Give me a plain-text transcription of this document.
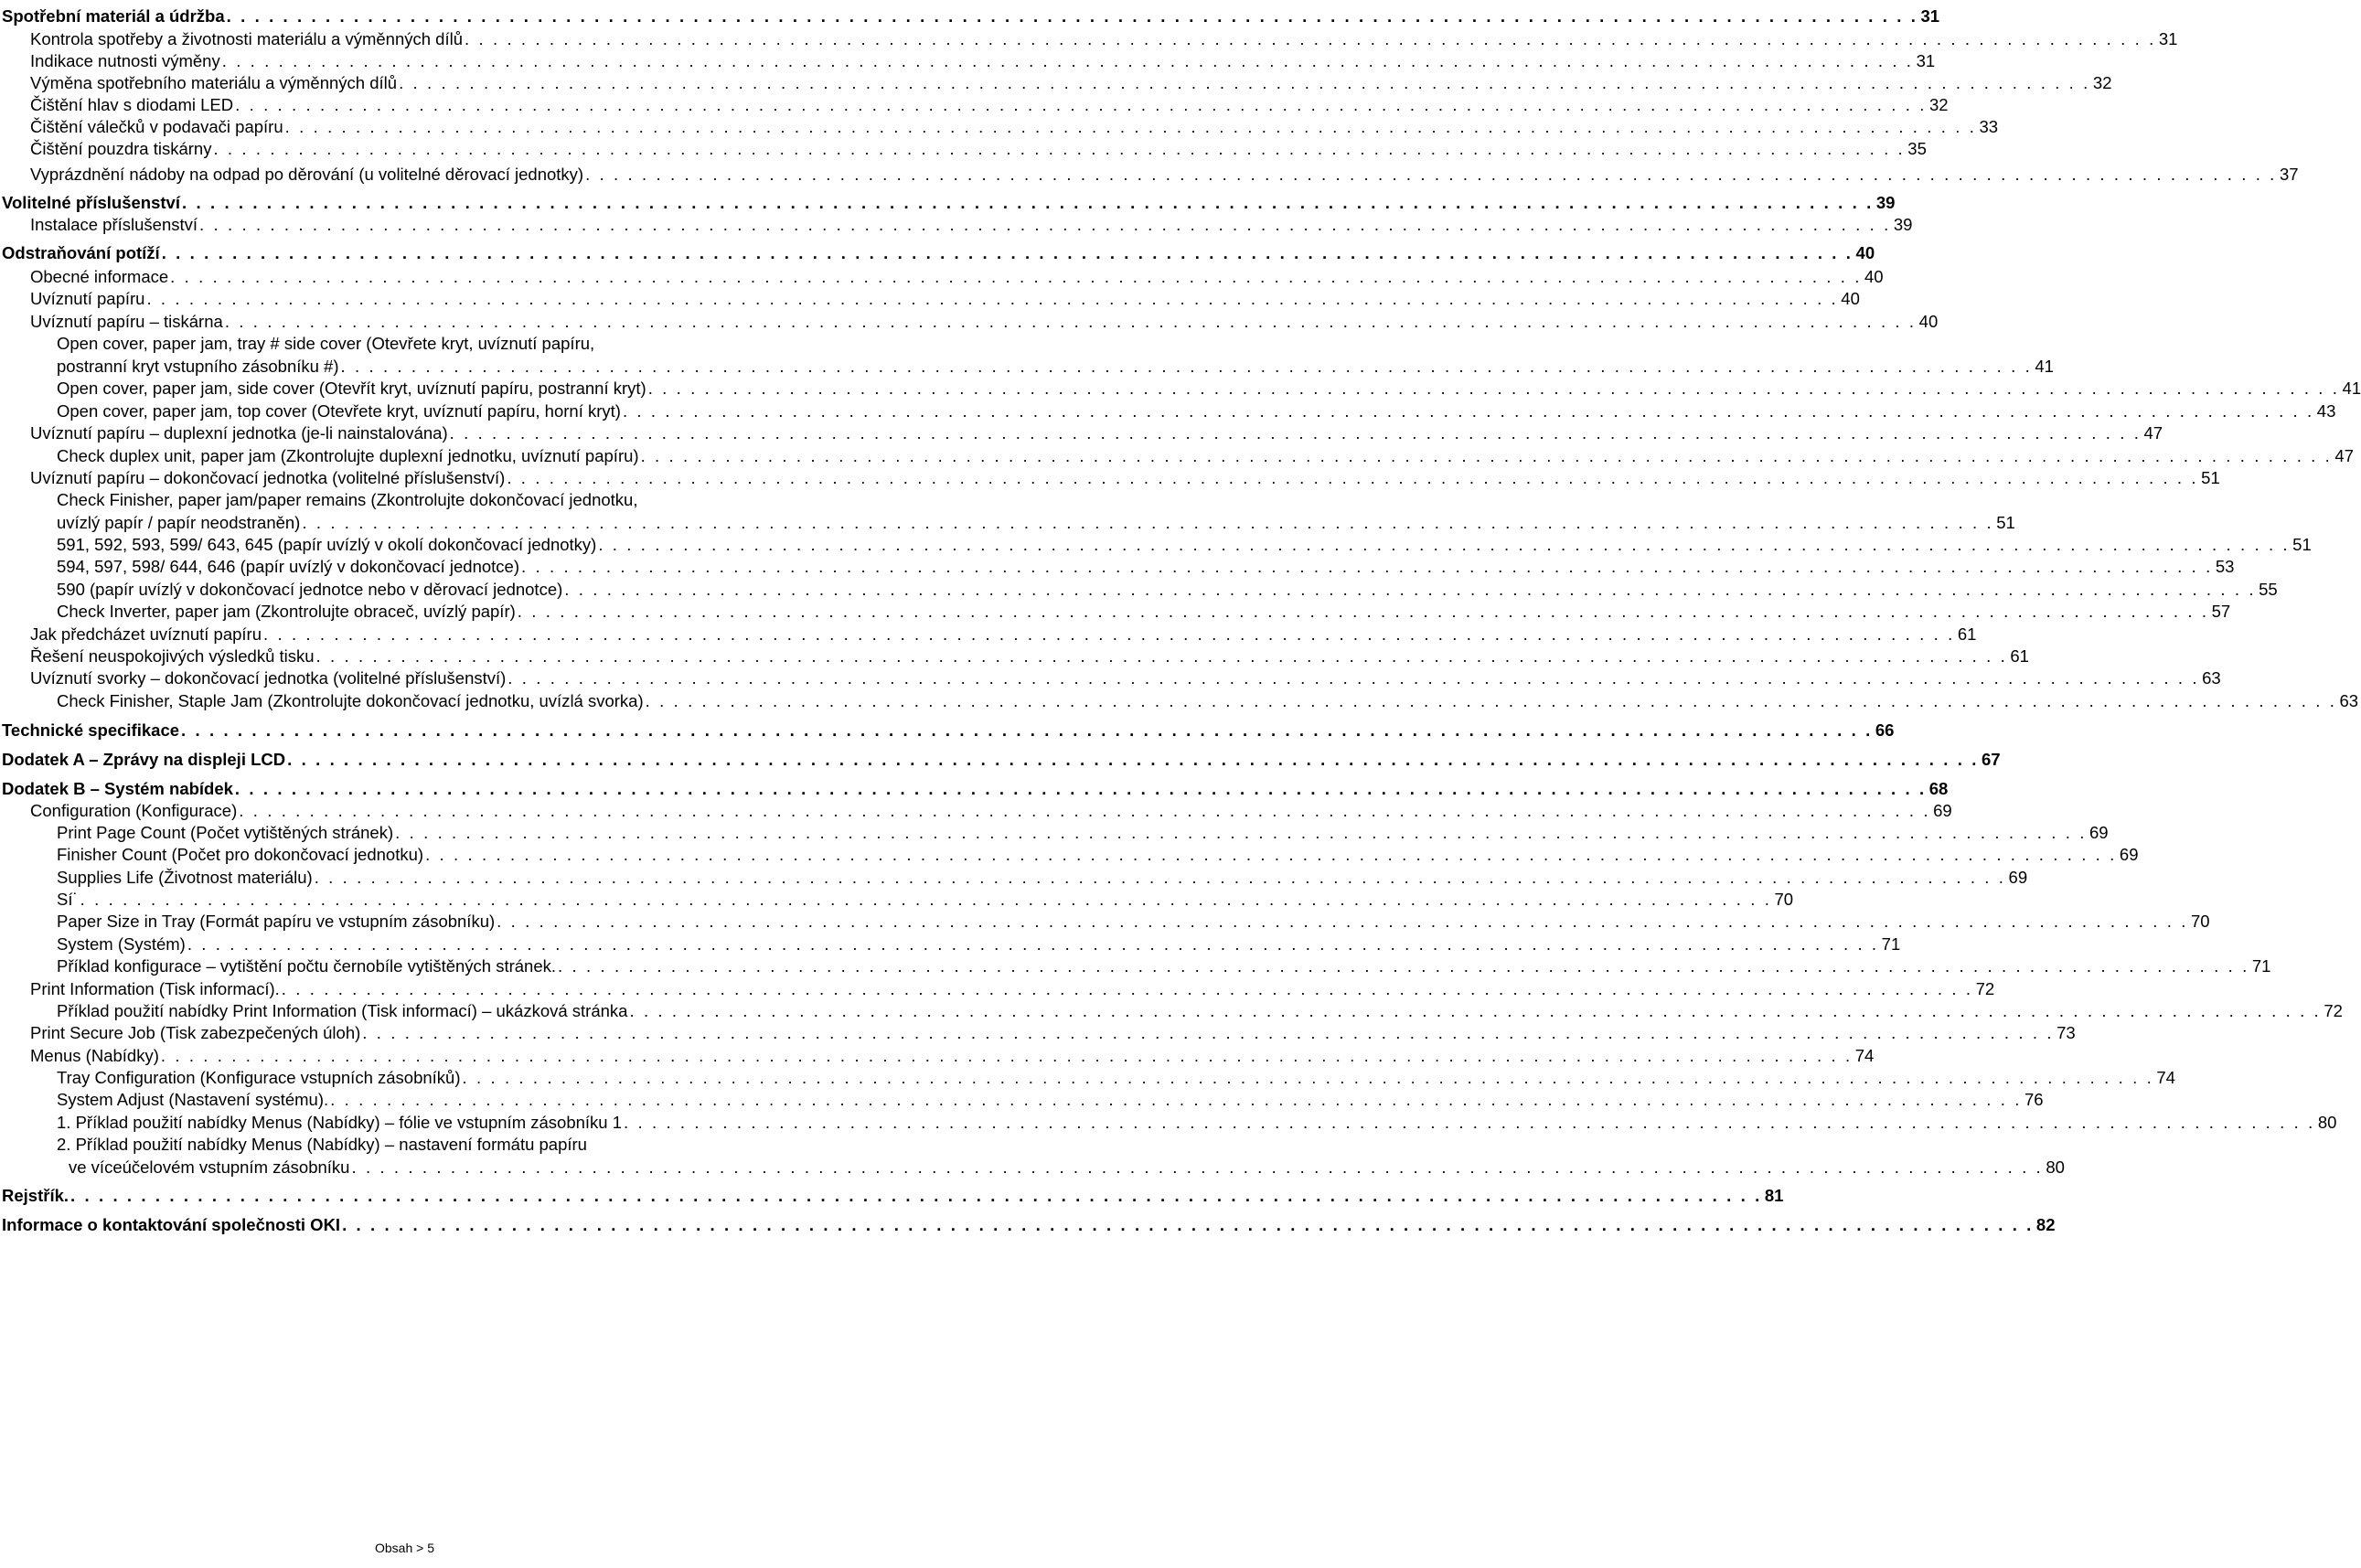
Spotřební materiál a údržba . . . . . . . . . . . . . . . . . . . . . . . . . . . . . . . . . . . . . . . . . . . . . . . . . . . . . . . . . . . . . . . . . . . . . . . . . . . . . . . . . . . . . . . . . . . . . . . . . . . . . . . . . . . . . . . . . . . . . . . . 31
Kontrola spotřeby a životnosti materiálu a výměnných dílů . . . . . . . . . . . . . . . . . . . . . . . . . . . . . . . . . . . . . . . . . . . . . . . . . . . . . . . . . . . . . . . . . . . . . . . . . . . . . . . . . . . . . . . . . . . . . . . . . . . . . . . . . . . . . . . . . . . . . . . . 31
Indikace nutnosti výměny . . . . . . . . . . . . . . . . . . . . . . . . . . . . . . . . . . . . . . . . . . . . . . . . . . . . . . . . . . . . . . . . . . . . . . . . . . . . . . . . . . . . . . . . . . . . . . . . . . . . . . . . . . . . . . . . . . . . . . . . 31
Výměna spotřebního materiálu a výměnných dílů . . . . . . . . . . . . . . . . . . . . . . . . . . . . . . . . . . . . . . . . . . . . . . . . . . . . . . . . . . . . . . . . . . . . . . . . . . . . . . . . . . . . . . . . . . . . . . . . . . . . . . . . . . . . . . . . . . . . . . . . 32
Čištění hlav s diodami LED . . . . . . . . . . . . . . . . . . . . . . . . . . . . . . . . . . . . . . . . . . . . . . . . . . . . . . . . . . . . . . . . . . . . . . . . . . . . . . . . . . . . . . . . . . . . . . . . . . . . . . . . . . . . . . . . . . . . . . . . 32
Čištění válečků v podavači papíru . . . . . . . . . . . . . . . . . . . . . . . . . . . . . . . . . . . . . . . . . . . . . . . . . . . . . . . . . . . . . . . . . . . . . . . . . . . . . . . . . . . . . . . . . . . . . . . . . . . . . . . . . . . . . . . . . . . . . . . . 33
Čištění pouzdra tiskárny . . . . . . . . . . . . . . . . . . . . . . . . . . . . . . . . . . . . . . . . . . . . . . . . . . . . . . . . . . . . . . . . . . . . . . . . . . . . . . . . . . . . . . . . . . . . . . . . . . . . . . . . . . . . . . . . . . . . . . . . 35
Vyprázdnění nádoby na odpad po děrování (u volitelné děrovací jednotky) . . . . . . . . . . . . . . . . . . . . . . . . . . . . . . . . . . . . . . . . . . . . . . . . . . . . . . . . . . . . . . . . . . . . . . . . . . . . . . . . . . . . . . . . . . . . . . . . . . . . . . . . . . . . . . . . . . . . . . . . 37
Volitelné příslušenství . . . . . . . . . . . . . . . . . . . . . . . . . . . . . . . . . . . . . . . . . . . . . . . . . . . . . . . . . . . . . . . . . . . . . . . . . . . . . . . . . . . . . . . . . . . . . . . . . . . . . . . . . . . . . . . . . . . . . . . . 39
Instalace příslušenství . . . . . . . . . . . . . . . . . . . . . . . . . . . . . . . . . . . . . . . . . . . . . . . . . . . . . . . . . . . . . . . . . . . . . . . . . . . . . . . . . . . . . . . . . . . . . . . . . . . . . . . . . . . . . . . . . . . . . . . . 39
Odstraňování potíží . . . . . . . . . . . . . . . . . . . . . . . . . . . . . . . . . . . . . . . . . . . . . . . . . . . . . . . . . . . . . . . . . . . . . . . . . . . . . . . . . . . . . . . . . . . . . . . . . . . . . . . . . . . . . . . . . . . . . . . . 40
Obecné informace . . . . . . . . . . . . . . . . . . . . . . . . . . . . . . . . . . . . . . . . . . . . . . . . . . . . . . . . . . . . . . . . . . . . . . . . . . . . . . . . . . . . . . . . . . . . . . . . . . . . . . . . . . . . . . . . . . . . . . . . 40
Uvíznutí papíru . . . . . . . . . . . . . . . . . . . . . . . . . . . . . . . . . . . . . . . . . . . . . . . . . . . . . . . . . . . . . . . . . . . . . . . . . . . . . . . . . . . . . . . . . . . . . . . . . . . . . . . . . . . . . . . . . . . . . . . . 40
Uvíznutí papíru – tiskárna . . . . . . . . . . . . . . . . . . . . . . . . . . . . . . . . . . . . . . . . . . . . . . . . . . . . . . . . . . . . . . . . . . . . . . . . . . . . . . . . . . . . . . . . . . . . . . . . . . . . . . . . . . . . . . . . . . . . . . . . 40
Open cover, paper jam, tray # side cover (Otevřete kryt, uvíznutí papíru,
postranní kryt vstupního zásobníku #) . . . . . . . . . . . . . . . . . . . . . . . . . . . . . . . . . . . . . . . . . . . . . . . . . . . . . . . . . . . . . . . . . . . . . . . . . . . . . . . . . . . . . . . . . . . . . . . . . . . . . . . . . . . . . . . . . . . . . . . . 41
Open cover, paper jam, side cover (Otevřít kryt, uvíznutí papíru, postranní kryt) . . . . . . . . . . . . . . . . . . . . . . . . . . . . . . . . . . . . . . . . . . . . . . . . . . . . . . . . . . . . . . . . . . . . . . . . . . . . . . . . . . . . . . . . . . . . . . . . . . . . . . . . . . . . . . . . . . . . . . . . 41
Open cover, paper jam, top cover (Otevřete kryt, uvíznutí papíru, horní kryt) . . . . . . . . . . . . . . . . . . . . . . . . . . . . . . . . . . . . . . . . . . . . . . . . . . . . . . . . . . . . . . . . . . . . . . . . . . . . . . . . . . . . . . . . . . . . . . . . . . . . . . . . . . . . . . . . . . . . . . . . 43
Uvíznutí papíru – duplexní jednotka (je-li nainstalována) . . . . . . . . . . . . . . . . . . . . . . . . . . . . . . . . . . . . . . . . . . . . . . . . . . . . . . . . . . . . . . . . . . . . . . . . . . . . . . . . . . . . . . . . . . . . . . . . . . . . . . . . . . . . . . . . . . . . . . . . 47
Check duplex unit, paper jam (Zkontrolujte duplexní jednotku, uvíznutí papíru) . . . . . . . . . . . . . . . . . . . . . . . . . . . . . . . . . . . . . . . . . . . . . . . . . . . . . . . . . . . . . . . . . . . . . . . . . . . . . . . . . . . . . . . . . . . . . . . . . . . . . . . . . . . . . . . . . . . . . . . . 47
Uvíznutí papíru – dokončovací jednotka (volitelné příslušenství) . . . . . . . . . . . . . . . . . . . . . . . . . . . . . . . . . . . . . . . . . . . . . . . . . . . . . . . . . . . . . . . . . . . . . . . . . . . . . . . . . . . . . . . . . . . . . . . . . . . . . . . . . . . . . . . . . . . . . . . . 51
Check Finisher, paper jam/paper remains (Zkontrolujte dokončovací jednotku,
uvízlý papír / papír neodstraněn) . . . . . . . . . . . . . . . . . . . . . . . . . . . . . . . . . . . . . . . . . . . . . . . . . . . . . . . . . . . . . . . . . . . . . . . . . . . . . . . . . . . . . . . . . . . . . . . . . . . . . . . . . . . . . . . . . . . . . . . . 51
591, 592, 593, 599/ 643, 645 (papír uvízlý v okolí dokončovací jednotky) . . . . . . . . . . . . . . . . . . . . . . . . . . . . . . . . . . . . . . . . . . . . . . . . . . . . . . . . . . . . . . . . . . . . . . . . . . . . . . . . . . . . . . . . . . . . . . . . . . . . . . . . . . . . . . . . . . . . . . . . 51
594, 597, 598/ 644, 646 (papír uvízlý v dokončovací jednotce) . . . . . . . . . . . . . . . . . . . . . . . . . . . . . . . . . . . . . . . . . . . . . . . . . . . . . . . . . . . . . . . . . . . . . . . . . . . . . . . . . . . . . . . . . . . . . . . . . . . . . . . . . . . . . . . . . . . . . . . . 53
590 (papír uvízlý v dokončovací jednotce nebo v děrovací jednotce) . . . . . . . . . . . . . . . . . . . . . . . . . . . . . . . . . . . . . . . . . . . . . . . . . . . . . . . . . . . . . . . . . . . . . . . . . . . . . . . . . . . . . . . . . . . . . . . . . . . . . . . . . . . . . . . . . . . . . . . . 55
Check Inverter, paper jam (Zkontrolujte obraceč, uvízlý papír) . . . . . . . . . . . . . . . . . . . . . . . . . . . . . . . . . . . . . . . . . . . . . . . . . . . . . . . . . . . . . . . . . . . . . . . . . . . . . . . . . . . . . . . . . . . . . . . . . . . . . . . . . . . . . . . . . . . . . . . . 57
Jak předcházet uvíznutí papíru . . . . . . . . . . . . . . . . . . . . . . . . . . . . . . . . . . . . . . . . . . . . . . . . . . . . . . . . . . . . . . . . . . . . . . . . . . . . . . . . . . . . . . . . . . . . . . . . . . . . . . . . . . . . . . . . . . . . . . . . 61
Řešení neuspokojivých výsledků tisku . . . . . . . . . . . . . . . . . . . . . . . . . . . . . . . . . . . . . . . . . . . . . . . . . . . . . . . . . . . . . . . . . . . . . . . . . . . . . . . . . . . . . . . . . . . . . . . . . . . . . . . . . . . . . . . . . . . . . . . . 61
Uvíznutí svorky – dokončovací jednotka (volitelné příslušenství) . . . . . . . . . . . . . . . . . . . . . . . . . . . . . . . . . . . . . . . . . . . . . . . . . . . . . . . . . . . . . . . . . . . . . . . . . . . . . . . . . . . . . . . . . . . . . . . . . . . . . . . . . . . . . . . . . . . . . . . . 63
Check Finisher, Staple Jam (Zkontrolujte dokončovací jednotku, uvízlá svorka) . . . . . . . . . . . . . . . . . . . . . . . . . . . . . . . . . . . . . . . . . . . . . . . . . . . . . . . . . . . . . . . . . . . . . . . . . . . . . . . . . . . . . . . . . . . . . . . . . . . . . . . . . . . . . . . . . . . . . . . . 63
Technické specifikace . . . . . . . . . . . . . . . . . . . . . . . . . . . . . . . . . . . . . . . . . . . . . . . . . . . . . . . . . . . . . . . . . . . . . . . . . . . . . . . . . . . . . . . . . . . . . . . . . . . . . . . . . . . . . . . . . . . . . . . . 66
Dodatek A – Zprávy na displeji LCD . . . . . . . . . . . . . . . . . . . . . . . . . . . . . . . . . . . . . . . . . . . . . . . . . . . . . . . . . . . . . . . . . . . . . . . . . . . . . . . . . . . . . . . . . . . . . . . . . . . . . . . . . . . . . . . . . . . . . . . . 67
Dodatek B – Systém nabídek . . . . . . . . . . . . . . . . . . . . . . . . . . . . . . . . . . . . . . . . . . . . . . . . . . . . . . . . . . . . . . . . . . . . . . . . . . . . . . . . . . . . . . . . . . . . . . . . . . . . . . . . . . . . . . . . . . . . . . . . 68
Configuration (Konfigurace) . . . . . . . . . . . . . . . . . . . . . . . . . . . . . . . . . . . . . . . . . . . . . . . . . . . . . . . . . . . . . . . . . . . . . . . . . . . . . . . . . . . . . . . . . . . . . . . . . . . . . . . . . . . . . . . . . . . . . . . . 69
Print Page Count (Počet vytištěných stránek) . . . . . . . . . . . . . . . . . . . . . . . . . . . . . . . . . . . . . . . . . . . . . . . . . . . . . . . . . . . . . . . . . . . . . . . . . . . . . . . . . . . . . . . . . . . . . . . . . . . . . . . . . . . . . . . . . . . . . . . . 69
Finisher Count (Počet pro dokončovací jednotku) . . . . . . . . . . . . . . . . . . . . . . . . . . . . . . . . . . . . . . . . . . . . . . . . . . . . . . . . . . . . . . . . . . . . . . . . . . . . . . . . . . . . . . . . . . . . . . . . . . . . . . . . . . . . . . . . . . . . . . . . 69
Supplies Life (Životnost materiálu) . . . . . . . . . . . . . . . . . . . . . . . . . . . . . . . . . . . . . . . . . . . . . . . . . . . . . . . . . . . . . . . . . . . . . . . . . . . . . . . . . . . . . . . . . . . . . . . . . . . . . . . . . . . . . . . . . . . . . . . . 69
Sí˙ . . . . . . . . . . . . . . . . . . . . . . . . . . . . . . . . . . . . . . . . . . . . . . . . . . . . . . . . . . . . . . . . . . . . . . . . . . . . . . . . . . . . . . . . . . . . . . . . . . . . . . . . . . . . . . . . . . . . . . . . 70
Paper Size in Tray (Formát papíru ve vstupním zásobníku) . . . . . . . . . . . . . . . . . . . . . . . . . . . . . . . . . . . . . . . . . . . . . . . . . . . . . . . . . . . . . . . . . . . . . . . . . . . . . . . . . . . . . . . . . . . . . . . . . . . . . . . . . . . . . . . . . . . . . . . . 70
System (Systém) . . . . . . . . . . . . . . . . . . . . . . . . . . . . . . . . . . . . . . . . . . . . . . . . . . . . . . . . . . . . . . . . . . . . . . . . . . . . . . . . . . . . . . . . . . . . . . . . . . . . . . . . . . . . . . . . . . . . . . . . 71
Příklad konfigurace – vytištění počtu černobíle vytištěných stránek. . . . . . . . . . . . . . . . . . . . . . . . . . . . . . . . . . . . . . . . . . . . . . . . . . . . . . . . . . . . . . . . . . . . . . . . . . . . . . . . . . . . . . . . . . . . . . . . . . . . . . . . . . . . . . . . . . . . . . . . . 71
Print Information (Tisk informací). . . . . . . . . . . . . . . . . . . . . . . . . . . . . . . . . . . . . . . . . . . . . . . . . . . . . . . . . . . . . . . . . . . . . . . . . . . . . . . . . . . . . . . . . . . . . . . . . . . . . . . . . . . . . . . . . . . . . . . . . 72
Příklad použití nabídky Print Information (Tisk informací) – ukázková stránka . . . . . . . . . . . . . . . . . . . . . . . . . . . . . . . . . . . . . . . . . . . . . . . . . . . . . . . . . . . . . . . . . . . . . . . . . . . . . . . . . . . . . . . . . . . . . . . . . . . . . . . . . . . . . . . . . . . . . . . . 72
Print Secure Job (Tisk zabezpečených úloh) . . . . . . . . . . . . . . . . . . . . . . . . . . . . . . . . . . . . . . . . . . . . . . . . . . . . . . . . . . . . . . . . . . . . . . . . . . . . . . . . . . . . . . . . . . . . . . . . . . . . . . . . . . . . . . . . . . . . . . . . 73
Menus (Nabídky) . . . . . . . . . . . . . . . . . . . . . . . . . . . . . . . . . . . . . . . . . . . . . . . . . . . . . . . . . . . . . . . . . . . . . . . . . . . . . . . . . . . . . . . . . . . . . . . . . . . . . . . . . . . . . . . . . . . . . . . . 74
Tray Configuration (Konfigurace vstupních zásobníků) . . . . . . . . . . . . . . . . . . . . . . . . . . . . . . . . . . . . . . . . . . . . . . . . . . . . . . . . . . . . . . . . . . . . . . . . . . . . . . . . . . . . . . . . . . . . . . . . . . . . . . . . . . . . . . . . . . . . . . . . 74
System Adjust (Nastavení systému). . . . . . . . . . . . . . . . . . . . . . . . . . . . . . . . . . . . . . . . . . . . . . . . . . . . . . . . . . . . . . . . . . . . . . . . . . . . . . . . . . . . . . . . . . . . . . . . . . . . . . . . . . . . . . . . . . . . . . . . . 76
1. Příklad použití nabídky Menus (Nabídky) – fólie ve vstupním zásobníku 1 . . . . . . . . . . . . . . . . . . . . . . . . . . . . . . . . . . . . . . . . . . . . . . . . . . . . . . . . . . . . . . . . . . . . . . . . . . . . . . . . . . . . . . . . . . . . . . . . . . . . . . . . . . . . . . . . . . . . . . . . 80
2. Příklad použití nabídky Menus (Nabídky) – nastavení formátu papíru
ve víceúčelovém vstupním zásobníku . . . . . . . . . . . . . . . . . . . . . . . . . . . . . . . . . . . . . . . . . . . . . . . . . . . . . . . . . . . . . . . . . . . . . . . . . . . . . . . . . . . . . . . . . . . . . . . . . . . . . . . . . . . . . . . . . . . . . . . . 80
Rejstřík. . . . . . . . . . . . . . . . . . . . . . . . . . . . . . . . . . . . . . . . . . . . . . . . . . . . . . . . . . . . . . . . . . . . . . . . . . . . . . . . . . . . . . . . . . . . . . . . . . . . . . . . . . . . . . . . . . . . . . . . . 81
Informace o kontaktování společnosti OKI . . . . . . . . . . . . . . . . . . . . . . . . . . . . . . . . . . . . . . . . . . . . . . . . . . . . . . . . . . . . . . . . . . . . . . . . . . . . . . . . . . . . . . . . . . . . . . . . . . . . . . . . . . . . . . . . . . . . . . . . 82
Obsah > 5
